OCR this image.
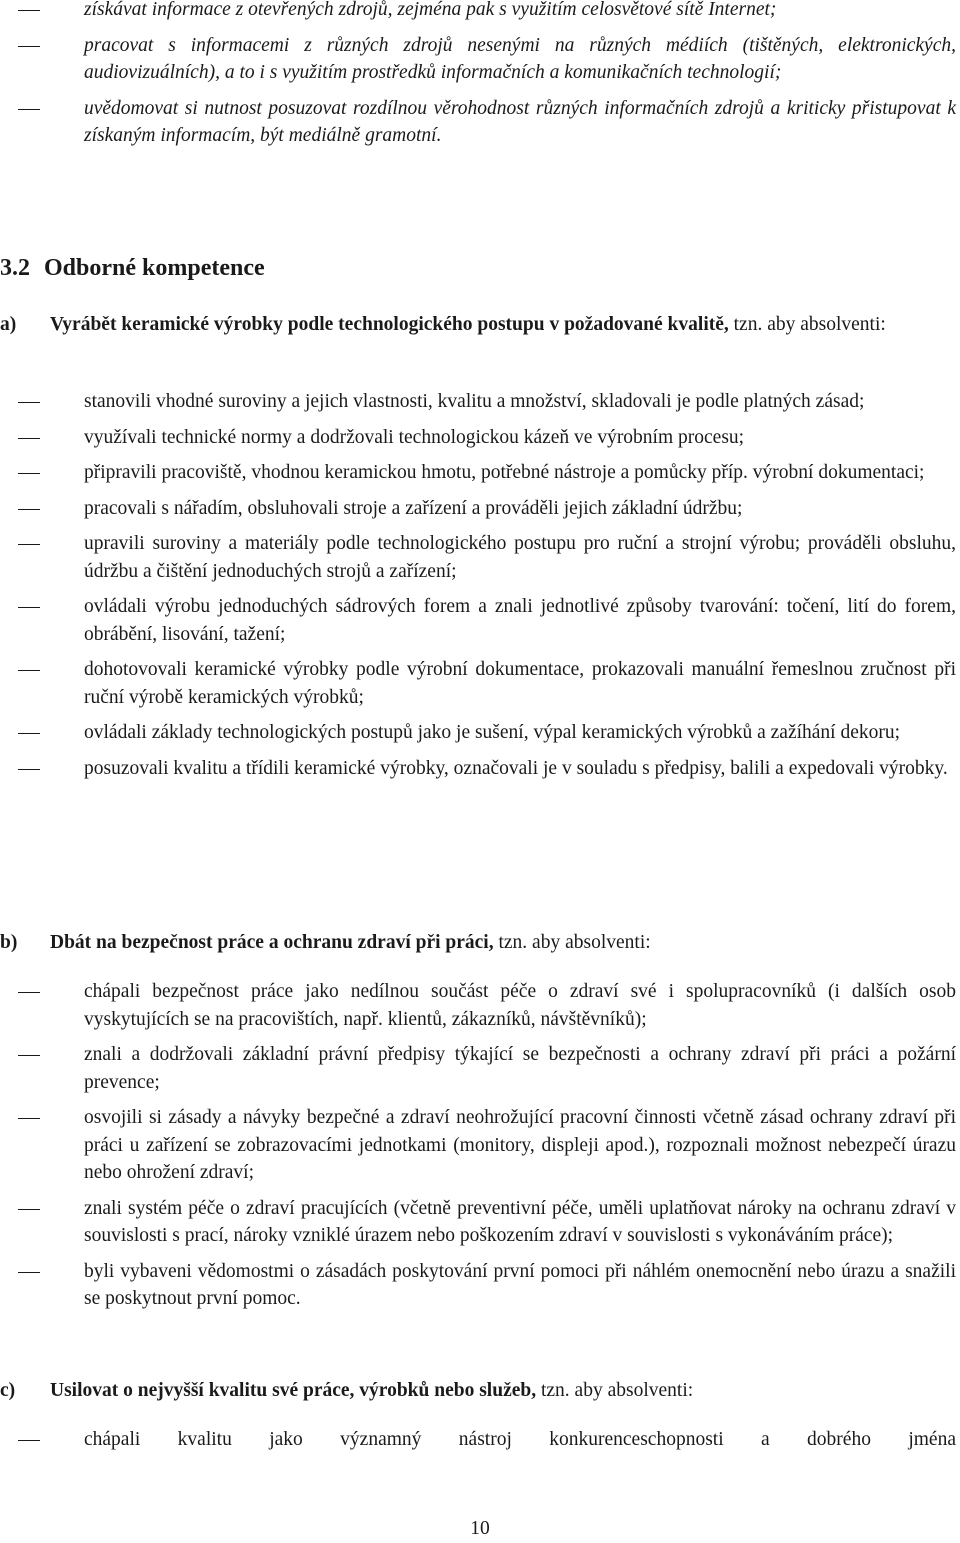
získávat informace z otevřených zdrojů, zejména pak s využitím celosvětové sítě Internet;
pracovat s informacemi z různých zdrojů nesenými na různých médiích (tištěných, elektronických, audiovizuálních), a to i s využitím prostředků informačních a komunikačních technologií;
uvědomovat si nutnost posuzovat rozdílnou věrohodnost různých informačních zdrojů a kriticky přistupovat k získaným informacím, být mediálně gramotní.
3.2 Odborné kompetence
a)	Vyrábět keramické výrobky podle technologického postupu v požadované kvalitě, tzn. aby absolventi:
stanovili vhodné suroviny a jejich vlastnosti, kvalitu a množství, skladovali je podle platných zásad;
využívali technické normy a dodržovali technologickou kázeň ve výrobním procesu;
připravili pracoviště, vhodnou keramickou hmotu, potřebné nástroje a pomůcky příp. výrobní dokumentaci;
pracovali s nářadím, obsluhovali stroje a zařízení a prováděli jejich základní údržbu;
upravili suroviny a materiály podle technologického postupu pro ruční a strojní výrobu; prováděli obsluhu, údržbu a čištění jednoduchých strojů a zařízení;
ovládali výrobu jednoduchých sádrových forem a znali jednotlivé způsoby tvarování: točení, lití do forem, obrábění, lisování, tažení;
dohotovovali keramické výrobky podle výrobní dokumentace, prokazovali manuální řemeslnou zručnost při ruční výrobě keramických výrobků;
ovládali základy technologických postupů jako je sušení, výpal keramických výrobků a zažíhání dekoru;
posuzovali kvalitu a třídili keramické výrobky, označovali je v souladu s předpisy, balili a expedovali výrobky.
b)	Dbát na bezpečnost práce a ochranu zdraví při práci, tzn. aby absolventi:
chápali bezpečnost práce jako nedílnou součást péče o zdraví své i spolupracovníků (i dalších osob vyskytujících se na pracovištích, např. klientů, zákazníků, návštěvníků);
znali a dodržovali základní právní předpisy týkající se bezpečnosti a ochrany zdraví při práci a požární prevence;
osvojili si zásady a návyky bezpečné a zdraví neohrožující pracovní činnosti včetně zásad ochrany zdraví při práci u zařízení se zobrazovacími jednotkami (monitory, displeji apod.), rozpoznali možnost nebezpečí úrazu nebo ohrožení zdraví;
znali systém péče o zdraví pracujících (včetně preventivní péče, uměli uplatňovat nároky na ochranu zdraví v souvislosti s prací, nároky vzniklé úrazem nebo poškozením zdraví v souvislosti s vykonáváním práce);
byli vybaveni vědomostmi o zásadách poskytování první pomoci při náhlém onemocnění nebo úrazu a snažili se poskytnout první pomoc.
c)	Usilovat o nejvyšší kvalitu své práce, výrobků nebo služeb, tzn. aby absolventi:
chápali kvalitu jako významný nástroj konkurenceschopnosti a dobrého jména
10
